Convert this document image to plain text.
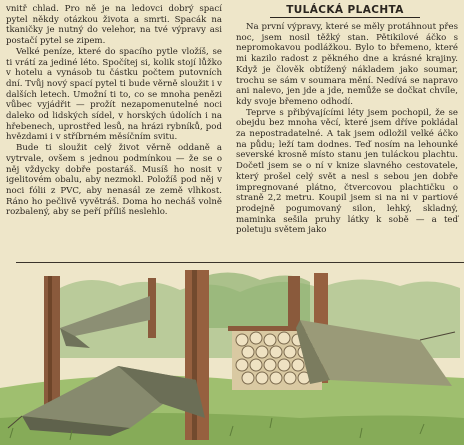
vnitř chlad. Pro ně je na ledovci dobrý spací pytel někdy otázkou života a smrti. Spacák na tkaničky je nutný do velehor, na tvé výpravy asi postačí pytel se zipem.

Velké peníze, které do spacího pytle vložíš, se ti vrátí za jediné léto. Spočítej si, kolik stojí lůžko v hotelu a vynásob tu částku počtem putovních dní. Tvůj nový spací pytel ti bude věrně sloužit i v dalších letech. Umožní ti to, co se mnoha penězi vůbec vyjádřit — prožít nezapomenutelné noci daleko od lidských sídel, v horských údolích i na hřebenech, uprostřed lesů, na hrázi rybníků, pod hvězdami i v stříbrném měsíčním svitu.

Bude ti sloužit celý život věrně oddaně a vytrvale, ovšem s jednou podmínkou — že se o něj vždycky dobře postaráš. Musíš ho nosit v igelitovém obalu, aby nezmokl. Položíš pod něj v noci fólii z PVC, aby nenasál ze země vlhkost. Ráno ho pečlivě vyvětráš. Doma ho necháš volně rozbalený, aby se peří příliš neslehlo.

TULÁCKÁ PLACHTA

Na první výpravy, které se měly protáhnout přes noc, jsem nosil těžký stan. Pětikilové áčko s nepromokavou podlážkou. Bylo to břemeno, které mi kazilo radost z pěkného dne a krásné krajiny. Když je člověk obtížený nákladem jako soumar, trochu se sám v soumara mění. Nedívá se napravo ani nalevo, jen jde a jde, nemůže se dočkat chvíle, kdy svoje břemeno odhodí.

Teprve s přibývajícími léty jsem pochopil, že se obejdu bez mnoha věcí, které jsem dříve pokládal za nepostradatelné. A tak jsem odložil velké áčko na půdu; leží tam dodnes. Teď nosím na lehounké severské krosně místo stanu jen tuláckou plachtu. Dočetl jsem se o ní v knize slavného cestovatele, který prošel celý svět a nesl s sebou jen dobře impregnované plátno, čtvercovou plachtičku o straně 2,2 metru. Koupil jsem si na ni v partiové prodejně pogumovaný silon, lehký, skladný, maminka sešila pruhy látky k sobě — a teď poletuju světem jako
